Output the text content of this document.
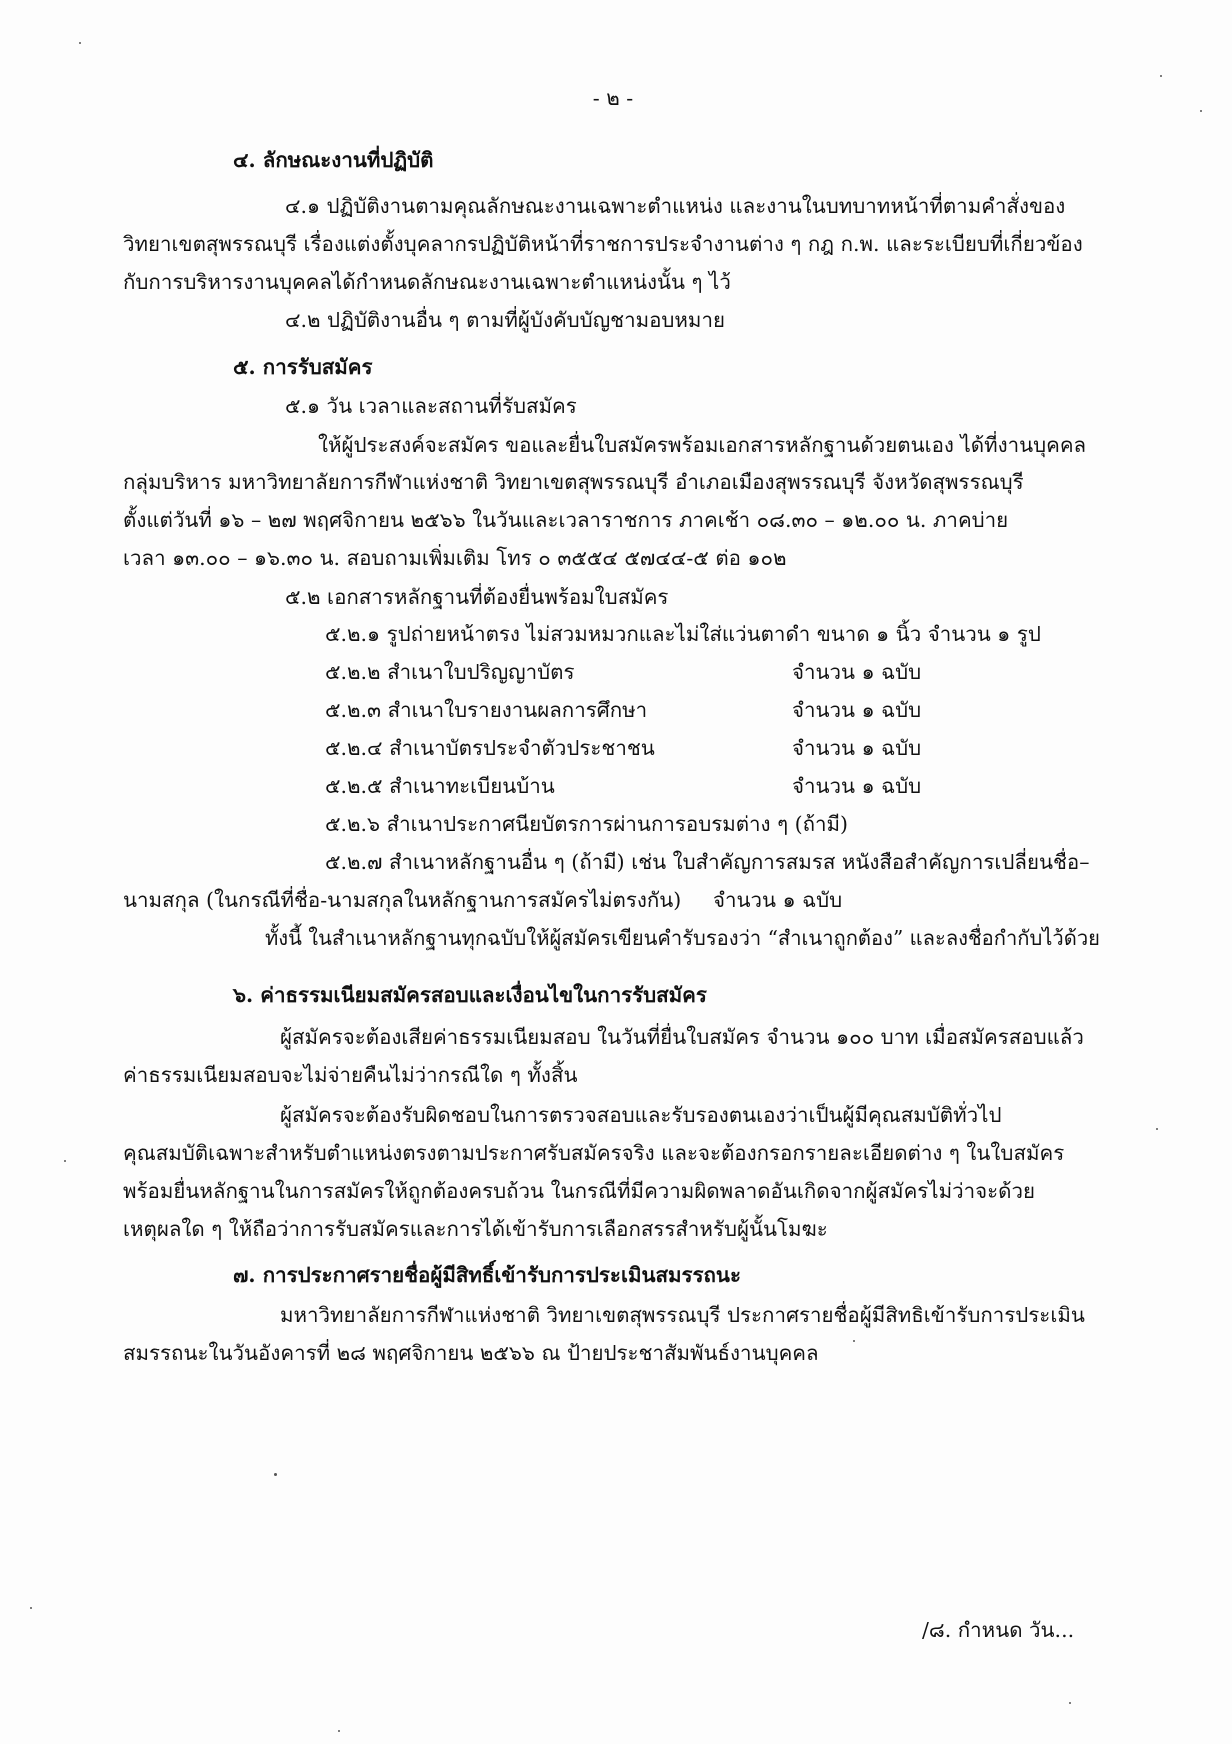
- ๒ -
๔. ลักษณะงานที่ปฏิบัติ
๔.๑ ปฏิบัติงานตามคุณลักษณะงานเฉพาะตำแหน่ง และงานในบทบาทหน้าที่ตามคำสั่งของ
วิทยาเขตสุพรรณบุรี เรื่องแต่งตั้งบุคลากรปฏิบัติหน้าที่ราชการประจำงานต่าง ๆ กฎ ก.พ. และระเบียบที่เกี่ยวข้อง
กับการบริหารงานบุคคลได้กำหนดลักษณะงานเฉพาะตำแหน่งนั้น ๆ ไว้
๔.๒ ปฏิบัติงานอื่น ๆ ตามที่ผู้บังคับบัญชามอบหมาย
๕. การรับสมัคร
๕.๑ วัน เวลาและสถานที่รับสมัคร
ให้ผู้ประสงค์จะสมัคร ขอและยื่นใบสมัครพร้อมเอกสารหลักฐานด้วยตนเอง ได้ที่งานบุคคล
กลุ่มบริหาร มหาวิทยาลัยการกีฬาแห่งชาติ วิทยาเขตสุพรรณบุรี อำเภอเมืองสุพรรณบุรี จังหวัดสุพรรณบุรี
ตั้งแต่วันที่ ๑๖ – ๒๗ พฤศจิกายน ๒๕๖๖ ในวันและเวลาราชการ ภาคเช้า ๐๘.๓๐ – ๑๒.๐๐ น. ภาคบ่าย
เวลา ๑๓.๐๐ – ๑๖.๓๐ น. สอบถามเพิ่มเติม โทร ๐ ๓๕๕๔ ๕๗๔๔-๕ ต่อ ๑๐๒
๕.๒ เอกสารหลักฐานที่ต้องยื่นพร้อมใบสมัคร
๕.๒.๑ รูปถ่ายหน้าตรง ไม่สวมหมวกและไม่ใส่แว่นตาดำ ขนาด ๑ นิ้ว จำนวน ๑ รูป
๕.๒.๒ สำเนาใบปริญญาบัตร	จำนวน ๑ ฉบับ
๕.๒.๓ สำเนาใบรายงานผลการศึกษา	จำนวน ๑ ฉบับ
๕.๒.๔ สำเนาบัตรประจำตัวประชาชน	จำนวน ๑ ฉบับ
๕.๒.๕ สำเนาทะเบียนบ้าน	จำนวน ๑ ฉบับ
๕.๒.๖ สำเนาประกาศนียบัตรการผ่านการอบรมต่าง ๆ (ถ้ามี)
๕.๒.๗ สำเนาหลักฐานอื่น ๆ (ถ้ามี) เช่น ใบสำคัญการสมรส หนังสือสำคัญการเปลี่ยนชื่อ–
นามสกุล (ในกรณีที่ชื่อ-นามสกุลในหลักฐานการสมัครไม่ตรงกัน) จำนวน ๑ ฉบับ
ทั้งนี้ ในสำเนาหลักฐานทุกฉบับให้ผู้สมัครเขียนคำรับรองว่า “สำเนาถูกต้อง” และลงชื่อกำกับไว้ด้วย
๖. ค่าธรรมเนียมสมัครสอบและเงื่อนไขในการรับสมัคร
ผู้สมัครจะต้องเสียค่าธรรมเนียมสอบ ในวันที่ยื่นใบสมัคร จำนวน ๑๐๐ บาท เมื่อสมัครสอบแล้ว
ค่าธรรมเนียมสอบจะไม่จ่ายคืนไม่ว่ากรณีใด ๆ ทั้งสิ้น
ผู้สมัครจะต้องรับผิดชอบในการตรวจสอบและรับรองตนเองว่าเป็นผู้มีคุณสมบัติทั่วไป
คุณสมบัติเฉพาะสำหรับตำแหน่งตรงตามประกาศรับสมัครจริง และจะต้องกรอกรายละเอียดต่าง ๆ ในใบสมัคร
พร้อมยื่นหลักฐานในการสมัครให้ถูกต้องครบถ้วน ในกรณีที่มีความผิดพลาดอันเกิดจากผู้สมัครไม่ว่าจะด้วย
เหตุผลใด ๆ ให้ถือว่าการรับสมัครและการได้เข้ารับการเลือกสรรสำหรับผู้นั้นโมฆะ
๗. การประกาศรายชื่อผู้มีสิทธิ์เข้ารับการประเมินสมรรถนะ
มหาวิทยาลัยการกีฬาแห่งชาติ วิทยาเขตสุพรรณบุรี ประกาศรายชื่อผู้มีสิทธิเข้ารับการประเมิน
สมรรถนะในวันอังคารที่ ๒๘ พฤศจิกายน ๒๕๖๖ ณ ป้ายประชาสัมพันธ์งานบุคคล
/๘. กำหนด วัน...
